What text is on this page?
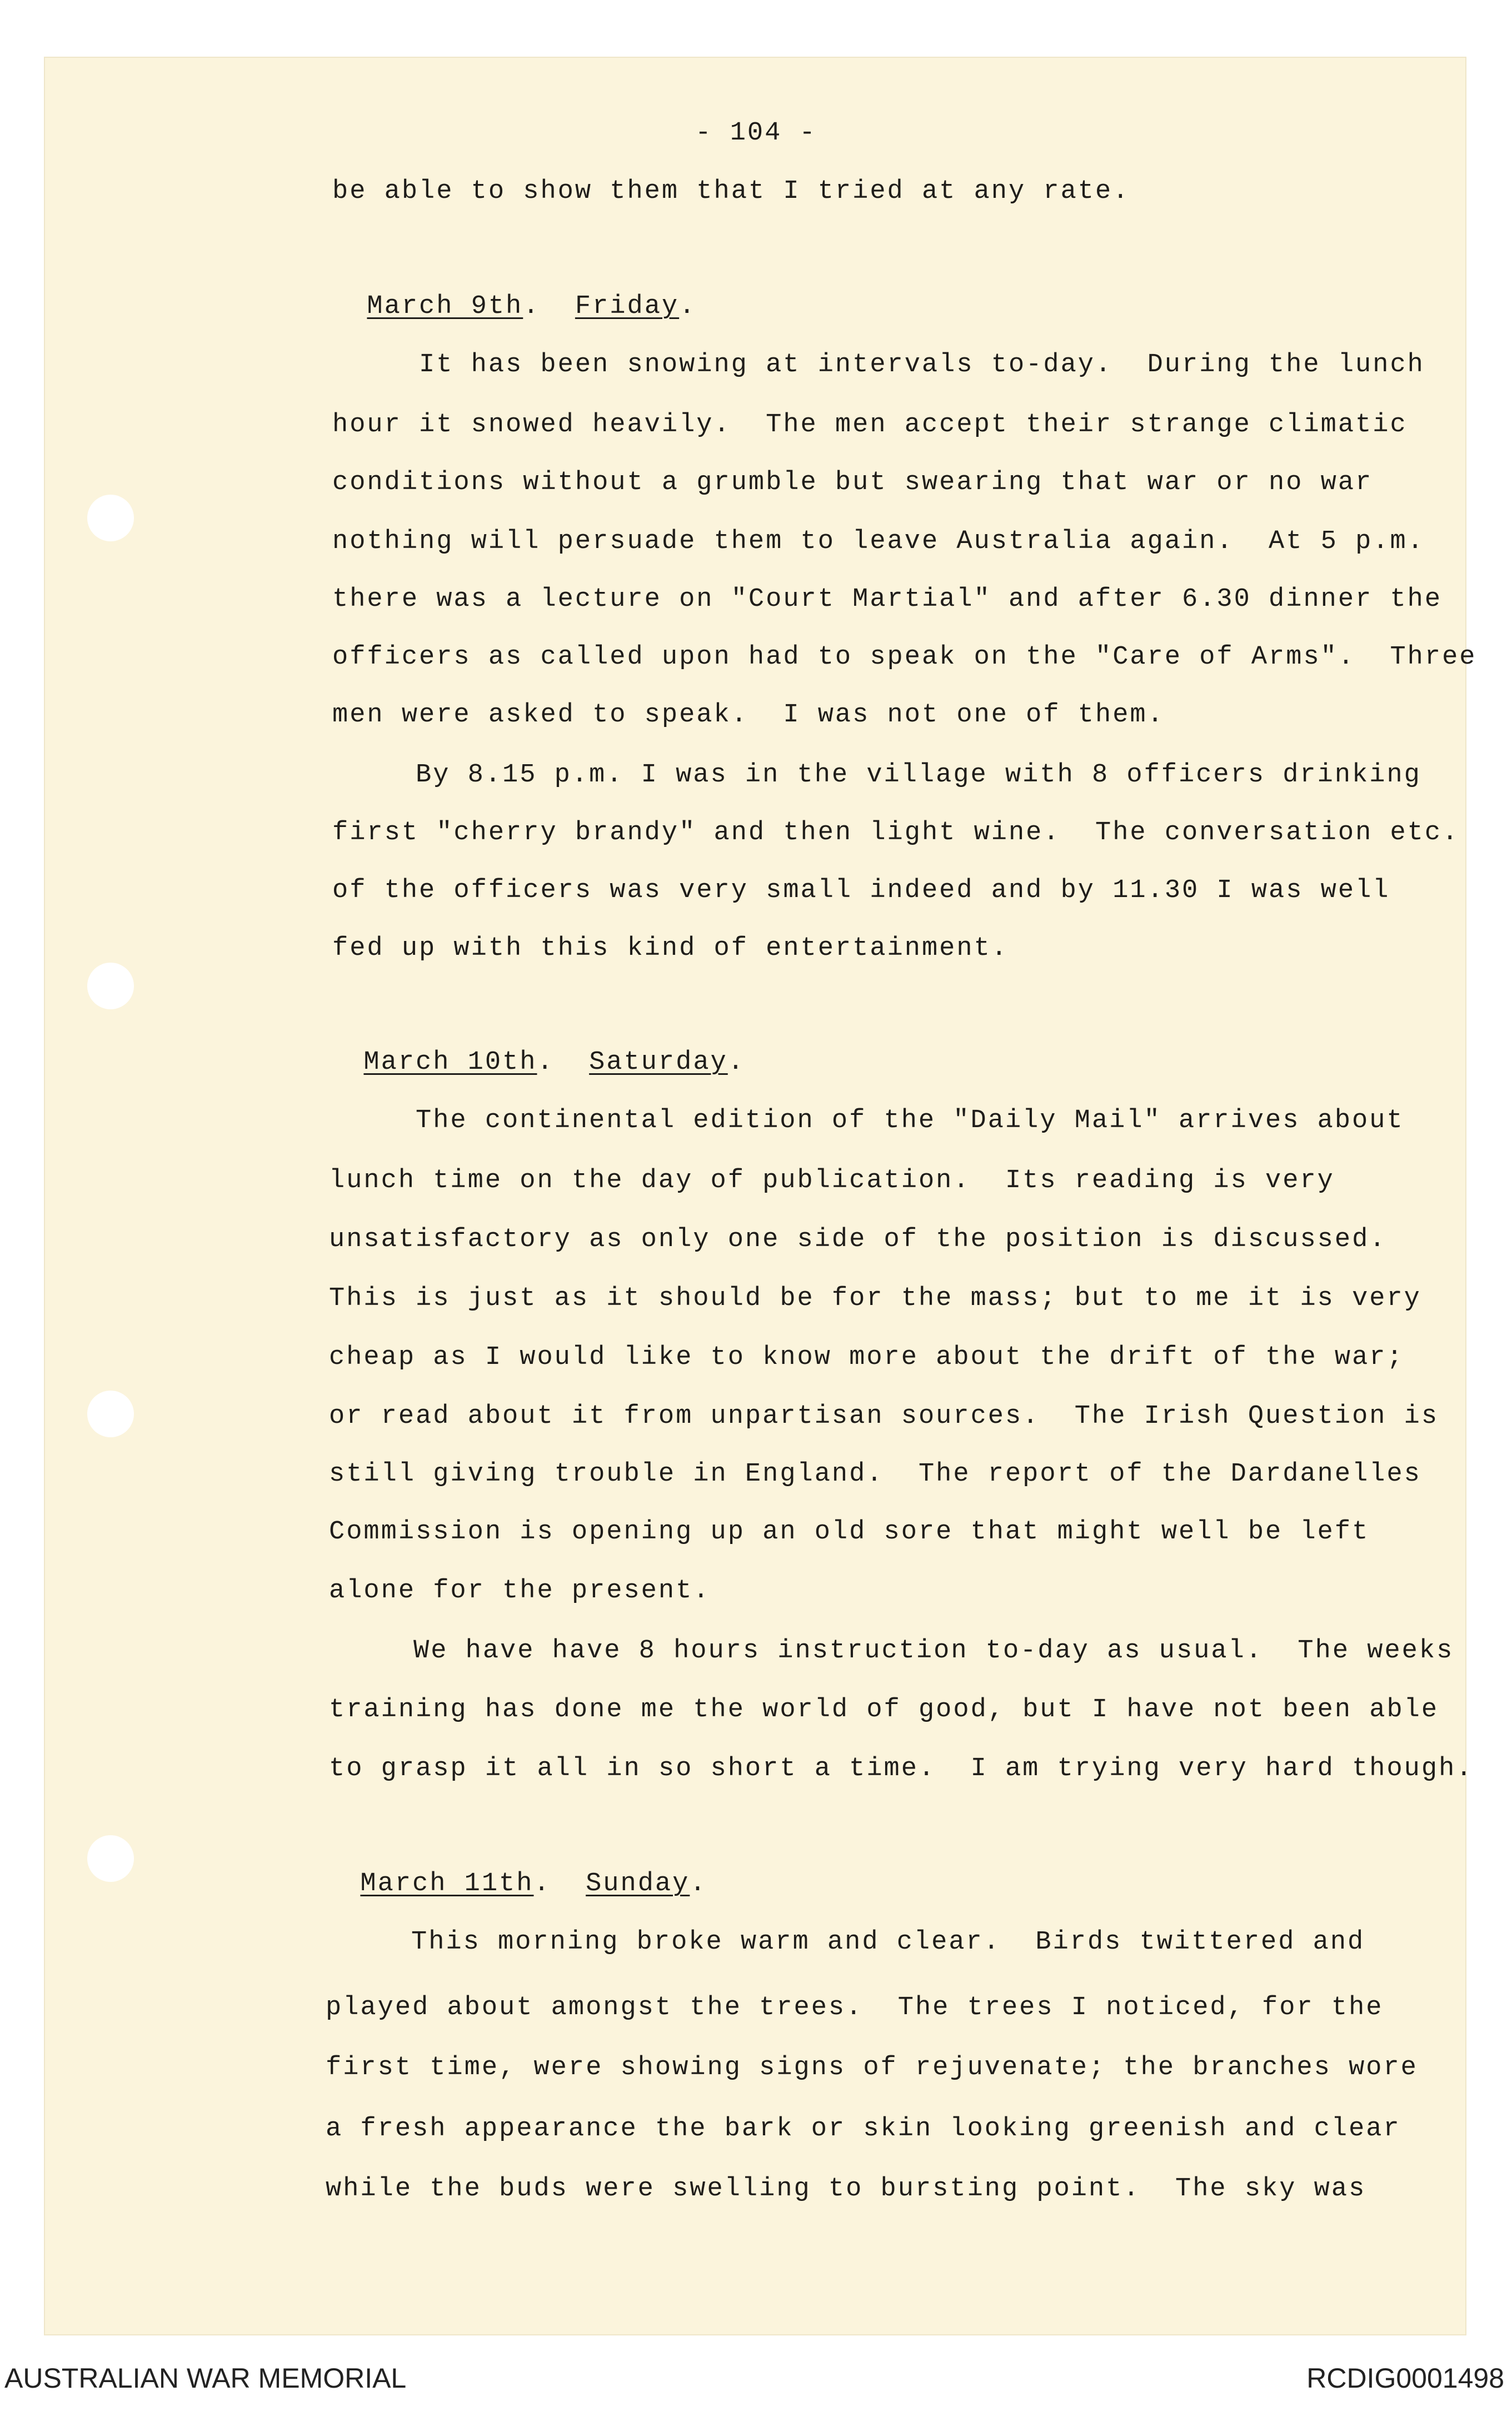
- 104 -
be able to show them that I tried at any rate.

March 9th.  Friday.

It has been snowing at intervals to-day.  During the lunch
hour it snowed heavily.  The men accept their strange climatic
conditions without a grumble but swearing that war or no war
nothing will persuade them to leave Australia again.  At 5 p.m.
there was a lecture on "Court Martial" and after 6.30 dinner the
officers as called upon had to speak on the "Care of Arms".  Three
men were asked to speak.  I was not one of them.
By 8.15 p.m. I was in the village with 8 officers drinking
first "cherry brandy" and then light wine.  The conversation etc.
of the officers was very small indeed and by 11.30 I was well
fed up with this kind of entertainment.

March 10th.  Saturday.

The continental edition of the "Daily Mail" arrives about
lunch time on the day of publication.  Its reading is very
unsatisfactory as only one side of the position is discussed.
This is just as it should be for the mass; but to me it is very
cheap as I would like to know more about the drift of the war;
or read about it from unpartisan sources.  The Irish Question is
still giving trouble in England.  The report of the Dardanelles
Commission is opening up an old sore that might well be left
alone for the present.
We have have 8 hours instruction to-day as usual.  The weeks
training has done me the world of good, but I have not been able
to grasp it all in so short a time.  I am trying very hard though.

March 11th.  Sunday.

This morning broke warm and clear.  Birds twittered and
played about amongst the trees.  The trees I noticed, for the
first time, were showing signs of rejuvenate; the branches wore
a fresh appearance the bark or skin looking greenish and clear
while the buds were swelling to bursting point.  The sky was
AUSTRALIAN WAR MEMORIAL	RCDIG0001498
